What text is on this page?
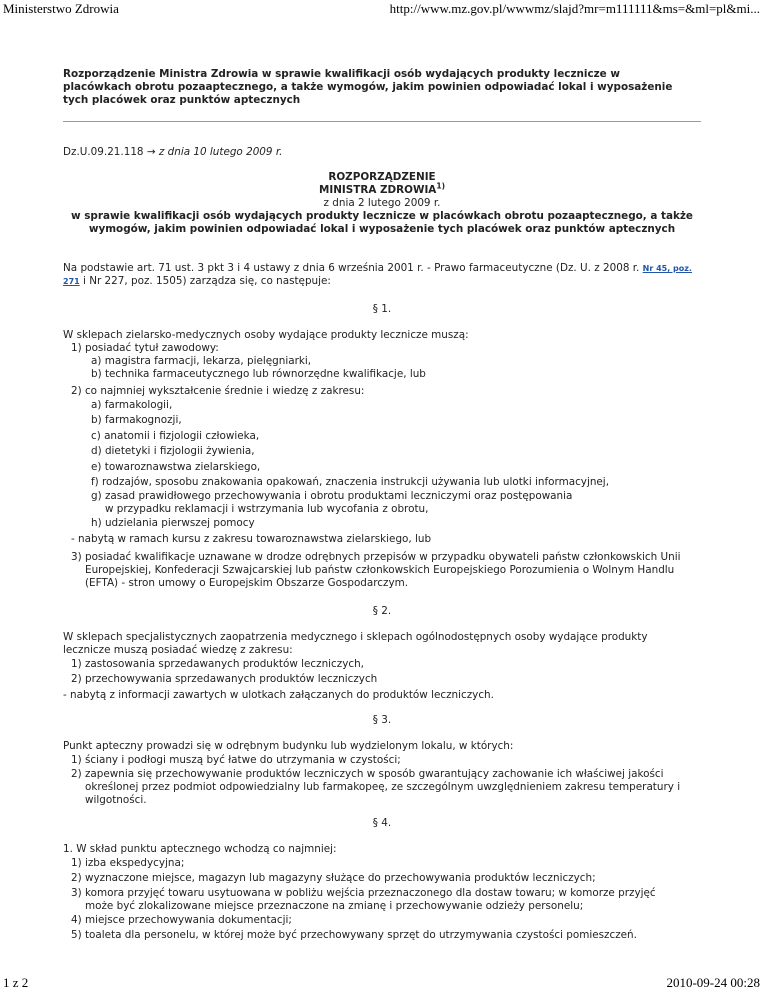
Ministerstwo Zdrowia	http://www.mz.gov.pl/wwwmz/slajd?mr=m111111&ms=&ml=pl&mi...
Rozporządzenie Ministra Zdrowia w sprawie kwalifikacji osób wydających produkty lecznicze w placówkach obrotu pozaaptecznego, a także wymogów, jakim powinien odpowiadać lokal i wyposażenie tych placówek oraz punktów aptecznych
Dz.U.09.21.118 → z dnia 10 lutego 2009 r.
ROZPORZĄDZENIE
MINISTRA ZDROWIA$^{1)}$
z dnia 2 lutego 2009 r.
w sprawie kwalifikacji osób wydających produkty lecznicze w placówkach obrotu pozaaptecznego, a także wymogów, jakim powinien odpowiadać lokal i wyposażenie tych placówek oraz punktów aptecznych
Na podstawie art. 71 ust. 3 pkt 3 i 4 ustawy z dnia 6 września 2001 r. - Prawo farmaceutyczne (Dz. U. z 2008 r. Nr 45, poz. 271 i Nr 227, poz. 1505) zarządza się, co następuje:
§ 1.
W sklepach zielarsko-medycznych osoby wydające produkty lecznicze muszą:
1) posiadać tytuł zawodowy:
a) magistra farmacji, lekarza, pielęgniarki,
b) technika farmaceutycznego lub równorzędne kwalifikacje, lub
2) co najmniej wykształcenie średnie i wiedzę z zakresu:
a) farmakologii,
b) farmakognozji,
c) anatomii i fizjologii człowieka,
d) dietetyki i fizjologii żywienia,
e) towaroznawstwa zielarskiego,
f) rodzajów, sposobu znakowania opakowań, znaczenia instrukcji używania lub ulotki informacyjnej,
g) zasad prawidłowego przechowywania i obrotu produktami leczniczymi oraz postępowania w przypadku reklamacji i wstrzymania lub wycofania z obrotu,
h) udzielania pierwszej pomocy
- nabytą w ramach kursu z zakresu towaroznawstwa zielarskiego, lub
3) posiadać kwalifikacje uznawane w drodze odrębnych przepisów w przypadku obywateli państw członkowskich Unii Europejskiej, Konfederacji Szwajcarskiej lub państw członkowskich Europejskiego Porozumienia o Wolnym Handlu (EFTA) - stron umowy o Europejskim Obszarze Gospodarczym.
§ 2.
W sklepach specjalistycznych zaopatrzenia medycznego i sklepach ogólnodostępnych osoby wydające produkty lecznicze muszą posiadać wiedzę z zakresu:
1) zastosowania sprzedawanych produktów leczniczych,
2) przechowywania sprzedawanych produktów leczniczych
- nabytą z informacji zawartych w ulotkach załączanych do produktów leczniczych.
§ 3.
Punkt apteczny prowadzi się w odrębnym budynku lub wydzielonym lokalu, w których:
1) ściany i podłogi muszą być łatwe do utrzymania w czystości;
2) zapewnia się przechowywanie produktów leczniczych w sposób gwarantujący zachowanie ich właściwej jakości określonej przez podmiot odpowiedzialny lub farmakopeę, ze szczególnym uwzględnieniem zakresu temperatury i wilgotności.
§ 4.
1. W skład punktu aptecznego wchodzą co najmniej:
1) izba ekspedycyjna;
2) wyznaczone miejsce, magazyn lub magazyny służące do przechowywania produktów leczniczych;
3) komora przyjęć towaru usytuowana w pobliżu wejścia przeznaczonego dla dostaw towaru; w komorze przyjęć może być zlokalizowane miejsce przeznaczone na zmianę i przechowywanie odzieży personelu;
4) miejsce przechowywania dokumentacji;
5) toaleta dla personelu, w której może być przechowywany sprzęt do utrzymywania czystości pomieszczeń.
1 z 2	2010-09-24 00:28
